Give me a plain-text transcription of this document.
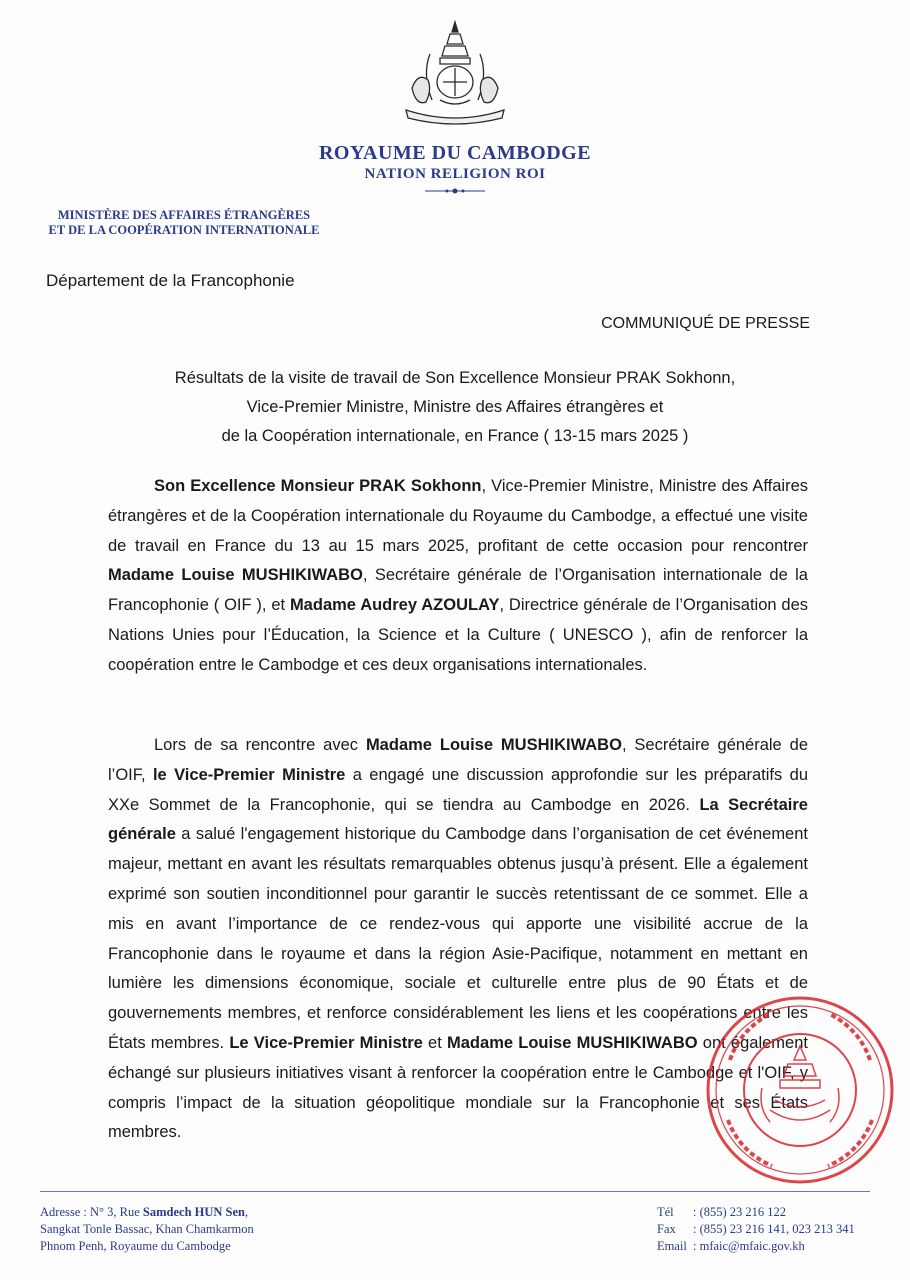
ROYAUME DU CAMBODGE
NATION RELIGION ROI
MINISTÈRE DES AFFAIRES ÉTRANGÈRES
ET DE LA COOPÉRATION INTERNATIONALE
Département de la Francophonie
COMMUNIQUÉ DE PRESSE
Résultats de la visite de travail de Son Excellence Monsieur PRAK Sokhonn,
Vice-Premier Ministre, Ministre des Affaires étrangères et
de la Coopération internationale, en France ( 13-15 mars 2025 )
Son Excellence Monsieur PRAK Sokhonn, Vice-Premier Ministre, Ministre des Affaires étrangères et de la Coopération internationale du Royaume du Cambodge, a effectué une visite de travail en France du 13 au 15 mars 2025, profitant de cette occasion pour rencontrer Madame Louise MUSHIKIWABO, Secrétaire générale de l’Organisation internationale de la Francophonie ( OIF ), et Madame Audrey AZOULAY, Directrice générale de l’Organisation des Nations Unies pour l’Éducation, la Science et la Culture ( UNESCO ), afin de renforcer la coopération entre le Cambodge et ces deux organisations internationales.
Lors de sa rencontre avec Madame Louise MUSHIKIWABO, Secrétaire générale de l’OIF, le Vice-Premier Ministre a engagé une discussion approfondie sur les préparatifs du XXe Sommet de la Francophonie, qui se tiendra au Cambodge en 2026. La Secrétaire générale a salué l'engagement historique du Cambodge dans l’organisation de cet événement majeur, mettant en avant les résultats remarquables obtenus jusqu’à présent. Elle a également exprimé son soutien inconditionnel pour garantir le succès retentissant de ce sommet. Elle a mis en avant l’importance de ce rendez-vous qui apporte une visibilité accrue de la Francophonie dans le royaume et dans la région Asie-Pacifique, notamment en mettant en lumière les dimensions économique, sociale et culturelle entre plus de 90 États et de gouvernements membres, et renforce considérablement les liens et les coopérations entre les États membres. Le Vice-Premier Ministre et Madame Louise MUSHIKIWABO ont également échangé sur plusieurs initiatives visant à renforcer la coopération entre le Cambodge et l'OIF, y compris l’impact de la situation géopolitique mondiale sur la Francophonie et ses États membres.
Adresse : N° 3, Rue Samdech HUN Sen,
Sangkat Tonle Bassac, Khan Chamkarmon
Phnom Penh, Royaume du Cambodge
Tél : (855) 23 216 122
Fax : (855) 23 216 141, 023 213 341
Email : mfaic@mfaic.gov.kh
